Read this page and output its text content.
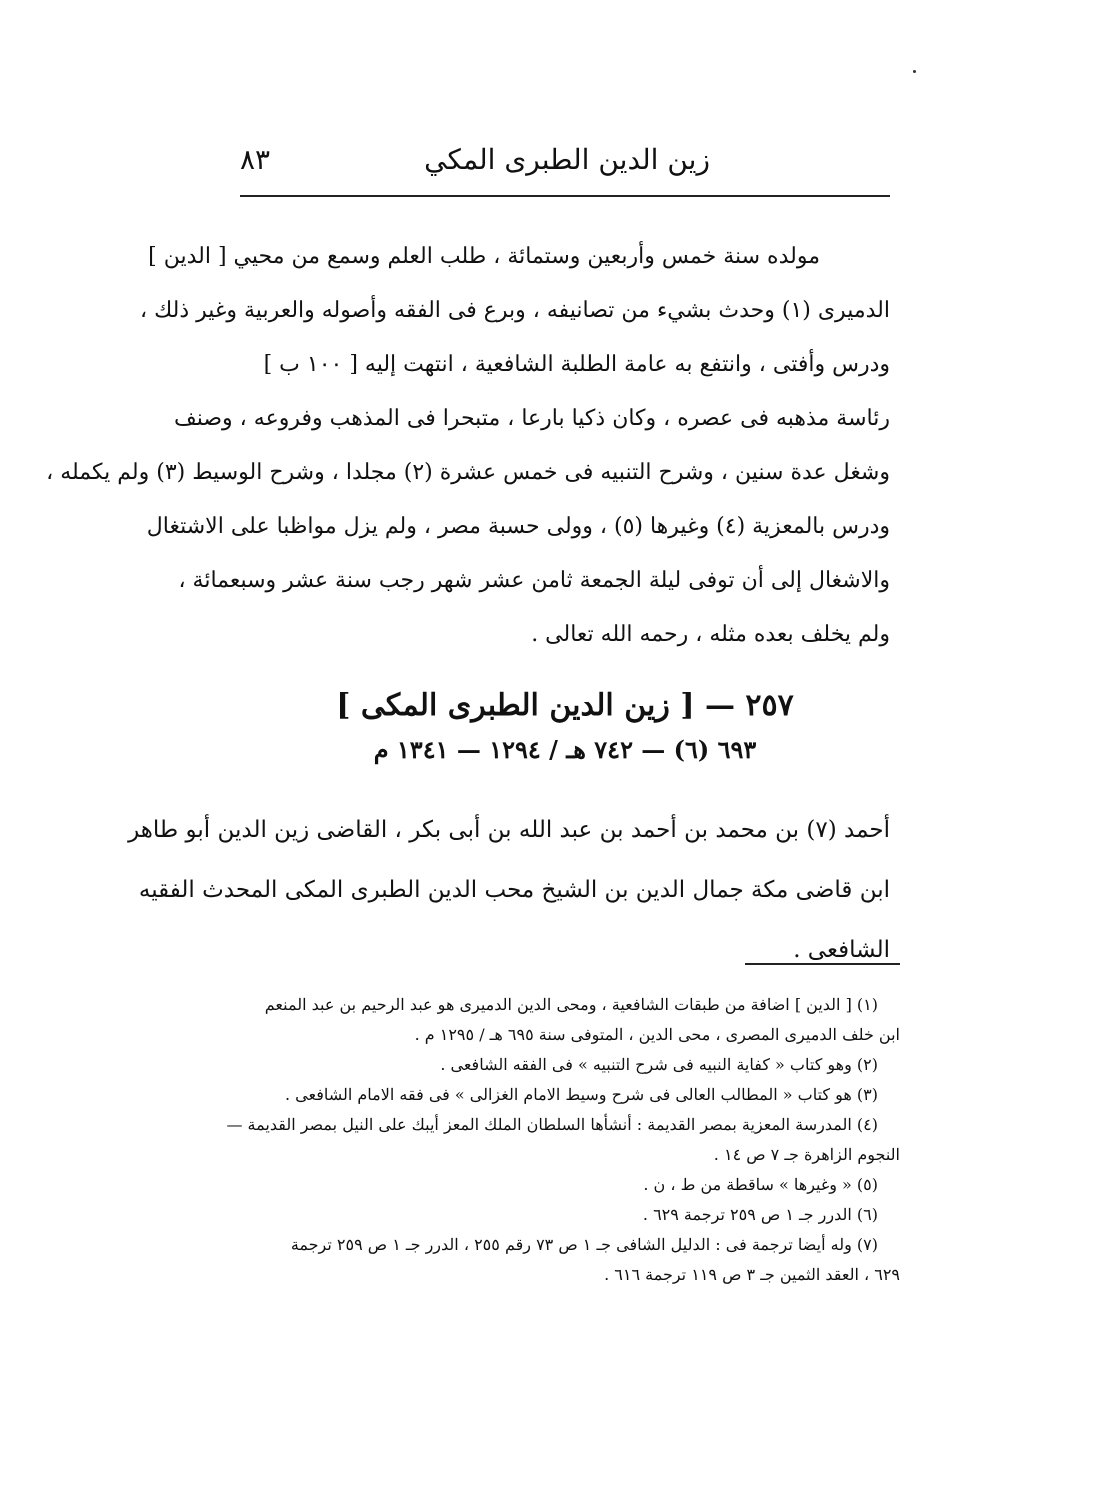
زين الدين الطبرى المكي
٨٣
مولده سنة خمس وأربعين وستمائة ، طلب العلم وسمع من محيي [ الدين ]
الدميرى (١) وحدث بشيء من تصانيفه ، وبرع فى الفقه وأصوله والعربية وغير ذلك ،
ودرس وأفتى ، وانتفع به عامة الطلبة الشافعية ، انتهت إليه [ ١٠٠ ب ]
رئاسة مذهبه فى عصره ، وكان ذكيا بارعا ، متبحرا فى المذهب وفروعه ، وصنف
وشغل عدة سنين ، وشرح التنبيه فى خمس عشرة (٢) مجلدا ، وشرح الوسيط (٣) ولم يكمله ،
ودرس بالمعزية (٤) وغيرها (٥) ، وولى حسبة مصر ، ولم يزل مواظبا على الاشتغال
والاشغال إلى أن توفى ليلة الجمعة ثامن عشر شهر رجب سنة عشر وسبعمائة ،
ولم يخلف بعده مثله ، رحمه الله تعالى .
٢٥٧ — [ زين الدين الطبرى المكى ]
٦٩٣ (٦) — ٧٤٢ هـ / ١٢٩٤ — ١٣٤١ م
أحمد (٧) بن محمد بن أحمد بن عبد الله بن أبى بكر ، القاضى زين الدين أبو طاهر
ابن قاضى مكة جمال الدين بن الشيخ محب الدين الطبرى المكى المحدث الفقيه
الشافعى .
(١) [ الدين ] اضافة من طبقات الشافعية ، ومحى الدين الدميرى هو عبد الرحيم بن عبد المنعم
ابن خلف الدميرى المصرى ، محى الدين ، المتوفى سنة ٦٩٥ هـ / ١٢٩٥ م .
(٢) وهو كتاب « كفاية النبيه فى شرح التنبيه » فى الفقه الشافعى .
(٣) هو كتاب « المطالب العالى فى شرح وسيط الامام الغزالى » فى فقه الامام الشافعى .
(٤) المدرسة المعزية بمصر القديمة : أنشأها السلطان الملك المعز أيبك على النيل بمصر القديمة —
النجوم الزاهرة جـ ٧ ص ١٤ .
(٥) « وغيرها » ساقطة من ط ، ن .
(٦) الدرر جـ ١ ص ٢٥٩ ترجمة ٦٢٩ .
(٧) وله أيضا ترجمة فى : الدليل الشافى جـ ١ ص ٧٣ رقم ٢٥٥ ، الدرر جـ ١ ص ٢٥٩ ترجمة
٦٢٩ ، العقد الثمين جـ ٣ ص ١١٩ ترجمة ٦١٦ .
